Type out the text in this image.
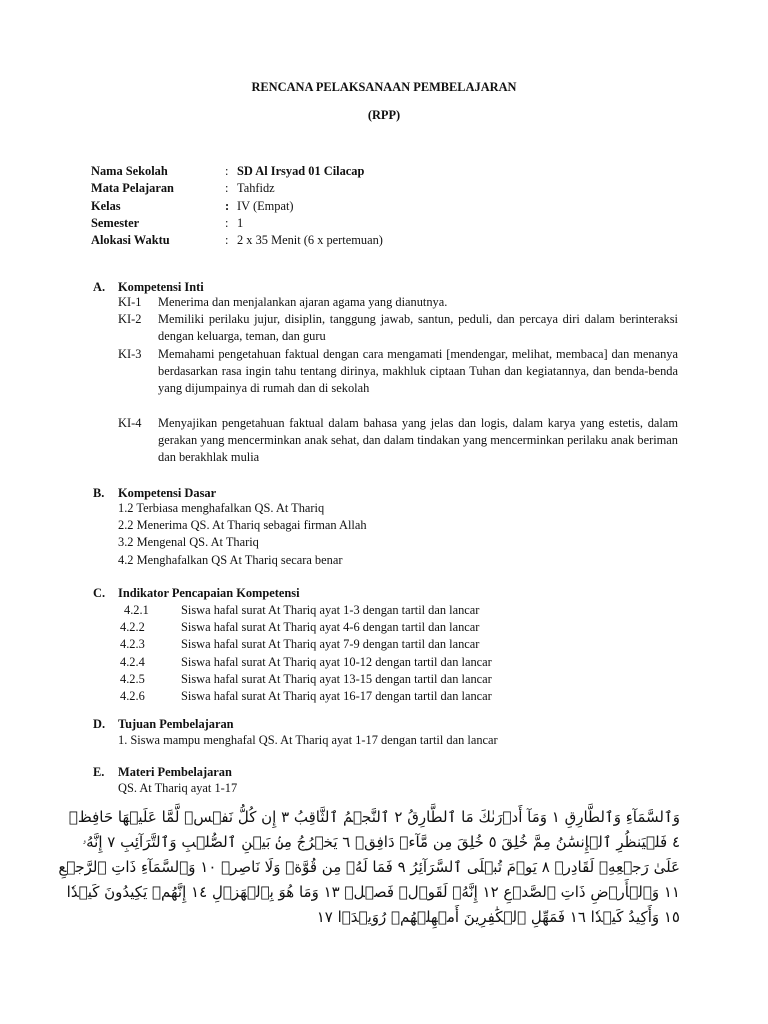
RENCANA PELAKSANAAN PEMBELAJARAN
(RPP)
Nama Sekolah	: SD Al Irsyad 01 Cilacap
Mata Pelajaran	: Tahfidz
Kelas	: IV (Empat)
Semester	: 1
Alokasi Waktu	: 2 x 35 Menit (6 x pertemuan)
A. Kompetensi Inti
KI-1 Menerima dan menjalankan ajaran agama yang dianutnya.
KI-2 Memiliki perilaku jujur, disiplin, tanggung jawab, santun, peduli, dan percaya diri dalam berinteraksi dengan keluarga, teman, dan guru
KI-3 Memahami pengetahuan faktual dengan cara mengamati [mendengar, melihat, membaca] dan menanya berdasarkan rasa ingin tahu tentang dirinya, makhluk ciptaan Tuhan dan kegiatannya, dan benda-benda yang dijumpainya di rumah dan di sekolah
KI-4 Menyajikan pengetahuan faktual dalam bahasa yang jelas dan logis, dalam karya yang estetis, dalam gerakan yang mencerminkan anak sehat, dan dalam tindakan yang mencerminkan perilaku anak beriman dan berakhlak mulia
B. Kompetensi Dasar
1.2 Terbiasa menghafalkan QS. At Thariq
2.2 Menerima QS. At Thariq sebagai firman Allah
3.2 Mengenal QS. At Thariq
4.2 Menghafalkan QS At Thariq secara benar
C. Indikator Pencapaian Kompetensi
4.2.1	Siswa hafal surat At Thariq ayat 1-3 dengan tartil dan lancar
4.2.2	Siswa hafal surat At Thariq ayat 4-6 dengan tartil dan lancar
4.2.3	Siswa hafal surat At Thariq ayat 7-9 dengan tartil dan lancar
4.2.4	Siswa hafal surat At Thariq ayat 10-12 dengan tartil dan lancar
4.2.5	Siswa hafal surat At Thariq ayat 13-15 dengan tartil dan lancar
4.2.6	Siswa hafal surat At Thariq ayat 16-17 dengan tartil dan lancar
D. Tujuan Pembelajaran
1. Siswa mampu menghafal QS. At Thariq ayat 1-17 dengan tartil dan lancar
E. Materi Pembelajaran
QS. At Thariq ayat 1-17
وَٱلسَّمَآءِ وَٱلطَّارِقِ ١ وَمَآ أَدۡرَىٰكَ مَا ٱلطَّارِقُ ٢ ٱلنَّجۡمُ ٱلثَّاقِبُ ٣ إِن كُلُّ نَفۡسٖ لَّمَّا عَلَيۡهَا حَافِظٞ
٤ فَلۡيَنظُرِ ٱلۡإِنسَٰنُ مِمَّ خُلِقَ ٥ خُلِقَ مِن مَّآءٖ دَافِقٖ ٦ يَخۡرُجُ مِنۢ بَيۡنِ ٱلصُّلۡبِ وَٱلتَّرَآئِبِ ٧ إِنَّهُۥ
عَلَىٰ رَجۡعِهِۦ لَقَادِرٞ ٨ يَوۡمَ تُبۡلَى ٱلسَّرَآئِرُ ٩ فَمَا لَهُۥ مِن قُوَّةٖ وَلَا نَاصِرٖ ١٠ وَٱلسَّمَآءِ ذَاتِ ٱلرَّجۡعِ
١١ وَٱلۡأَرۡضِ ذَاتِ ٱلصَّدۡعِ ١٢ إِنَّهُۥ لَقَوۡلٞ فَصۡلٞ ١٣ وَمَا هُوَ بِٱلۡهَزۡلِ ١٤ إِنَّهُمۡ يَكِيدُونَ كَيۡدٗا
١٥ وَأَكِيدُ كَيۡدٗا ١٦ فَمَهِّلِ ٱلۡكَٰفِرِينَ أَمۡهِلۡهُمۡ رُوَيۡدَۢا ١٧
